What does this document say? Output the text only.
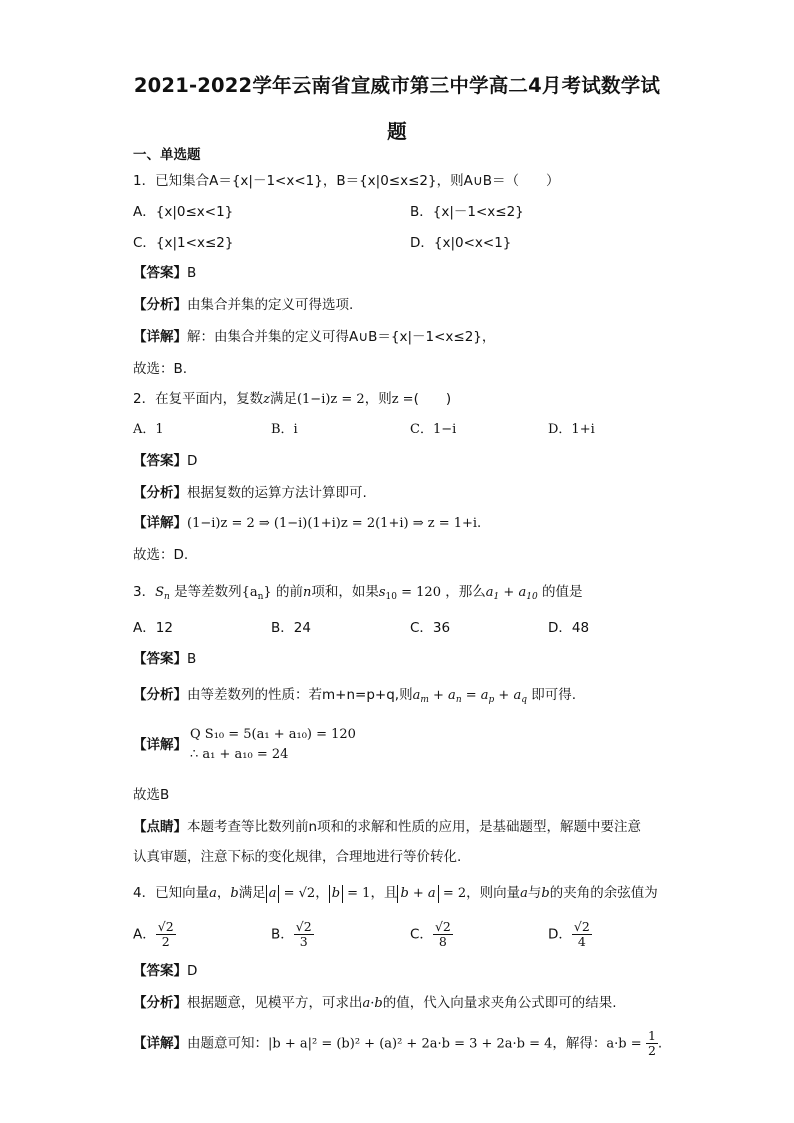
2021-2022学年云南省宣威市第三中学高二4月考试数学试
题
一、单选题
1．已知集合A＝{x|－1<x<1}，B＝{x|0≤x≤2}，则A∪B＝（　　）
A．{x|0≤x<1}	B．{x|－1<x≤2}
C．{x|1<x≤2}	D．{x|0<x<1}
【答案】B
【分析】由集合并集的定义可得选项.
【详解】解：由集合并集的定义可得A∪B＝{x|－1<x≤2}，
故选：B.
2．在复平面内，复数z满足(1−i)z = 2，则z =(　　)
A．1	B．i	C．1−i	D．1+i
【答案】D
【分析】根据复数的运算方法计算即可.
【详解】(1−i)z = 2 ⇒ (1−i)(1+i)z = 2(1+i) ⇒ z = 1+i.
故选：D.
3．$S_n$ 是等差数列$\{a_n\}$ 的前n项和，如果$s_{10} = 120$ ，那么$a_1 + a_{10}$ 的值是
A．12	B．24	C．36	D．48
【答案】B
【分析】由等差数列的性质：若m+n=p+q,则$a_m + a_n = a_p + a_q$ 即可得.
【详解】
Q S₁₀ = 5(a₁ + a₁₀) = 120
∴ a₁ + a₁₀ = 24
故选B
【点睛】本题考查等比数列前n项和的求解和性质的应用，是基础题型，解题中要注意
认真审题，注意下标的变化规律，合理地进行等价转化.
4．已知向量a，b满足 a = √2， b = 1，且 b + a = 2，则向量a与b的夹角的余弦值为
A． $\frac{√2}{2}$	B． $\frac{√2}{3}$	C． $\frac{√2}{8}$	D． $\frac{√2}{4}$
【答案】D
【分析】根据题意，见模平方，可求出a·b的值，代入向量求夹角公式即可的结果.
【详解】由题意可知：|b + a|² = (b)² + (a)² + 2a·b = 3 + 2a·b = 4，解得：$a\cdot b = \frac{1}{2}$ .
